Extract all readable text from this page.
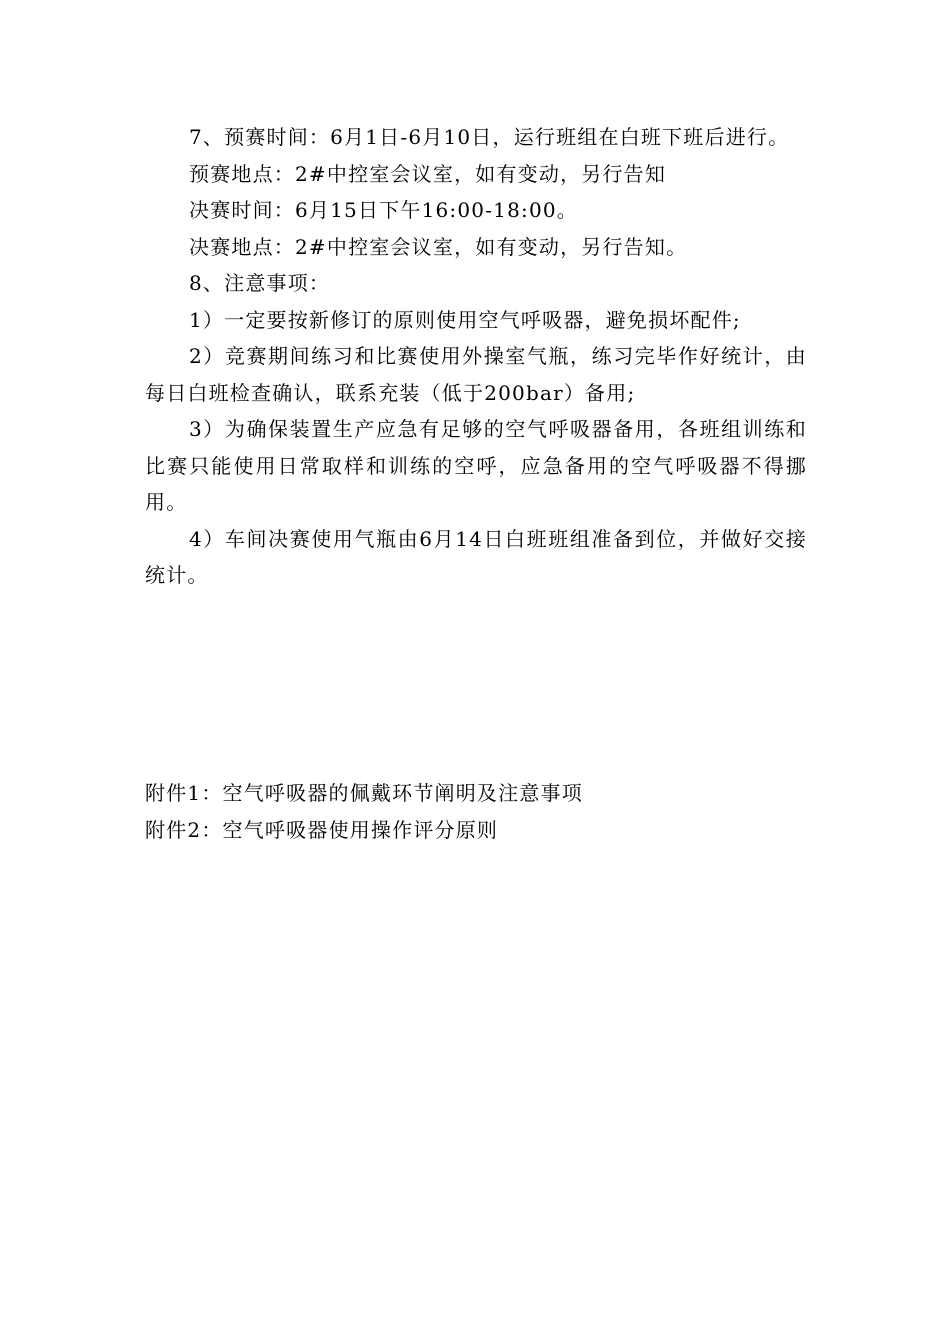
7、预赛时间：6月1日-6月10日，运行班组在白班下班后进行。

预赛地点：2#中控室会议室，如有变动，另行告知

决赛时间：6月15日下午16:00-18:00。

决赛地点：2#中控室会议室，如有变动，另行告知。

8、注意事项：

1）一定要按新修订的原则使用空气呼吸器，避免损坏配件;

2）竞赛期间练习和比赛使用外操室气瓶，练习完毕作好统计，由每日白班检查确认，联系充装（低于200bar）备用;

3）为确保装置生产应急有足够的空气呼吸器备用，各班组训练和比赛只能使用日常取样和训练的空呼，应急备用的空气呼吸器不得挪用。

4）车间决赛使用气瓶由6月14日白班班组准备到位，并做好交接统计。

附件1：空气呼吸器的佩戴环节阐明及注意事项

附件2：空气呼吸器使用操作评分原则
